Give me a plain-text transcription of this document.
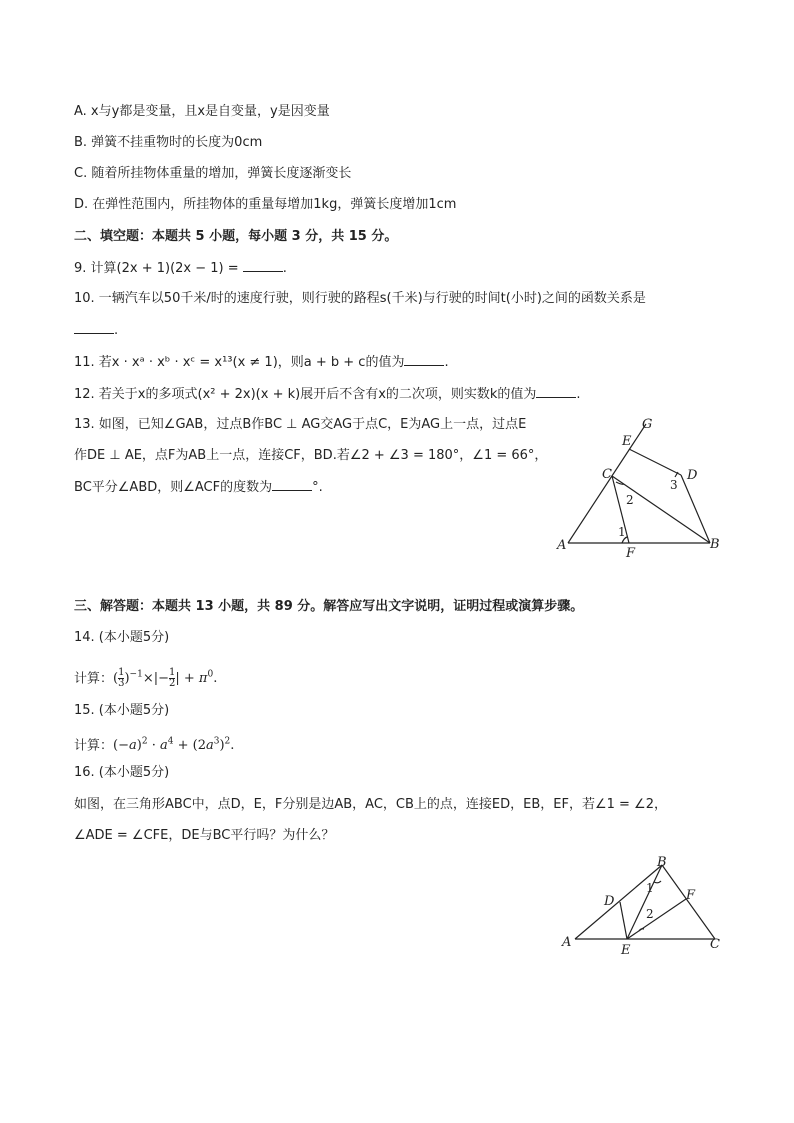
A. x与y都是变量，且x是自变量，y是因变量
B. 弹簧不挂重物时的长度为0cm
C. 随着所挂物体重量的增加，弹簧长度逐渐变长
D. 在弹性范围内，所挂物体的重量每增加1kg，弹簧长度增加1cm
二、填空题：本题共 5 小题，每小题 3 分，共 15 分。
9. 计算(2x + 1)(2x − 1) =	.
10. 一辆汽车以50千米/时的速度行驶，则行驶的路程s(千米)与行驶的时间t(小时)之间的函数关系是
.
11. 若x · xᵃ · xᵇ · xᶜ = x¹³(x ≠ 1)，则a + b + c的值为	.
12. 若关于x的多项式(x² + 2x)(x + k)展开后不含有x的二次项，则实数k的值为	.
13. 如图，已知∠GAB，过点B作BC ⊥ AG交AG于点C，E为AG上一点，过点E
作DE ⊥ AE，点F为AB上一点，连接CF，BD.若∠2 + ∠3 = 180°，∠1 = 66°，
BC平分∠ABD，则∠ACF的度数为	°.
G
E
C	D
3
2
1
A
F
B
三、解答题：本题共 13 小题，共 89 分。解答应写出文字说明，证明过程或演算步骤。
14. (本小题5分)
计算：( $\frac{1}{3} )^{-1}\times|- \frac{1}{2}$ | + $\pi^0$.
15. (本小题5分)
计算：$(-a)^2 \cdot a^4 + (2a^3)^2$.
16. (本小题5分)
如图，在三角形ABC中，点D，E，F分别是边AB，AC，CB上的点，连接ED，EB，EF，若∠1 = ∠2，
∠ADE = ∠CFE，DE与BC平行吗？为什么？
B
D
1 F
2
A
E	C
